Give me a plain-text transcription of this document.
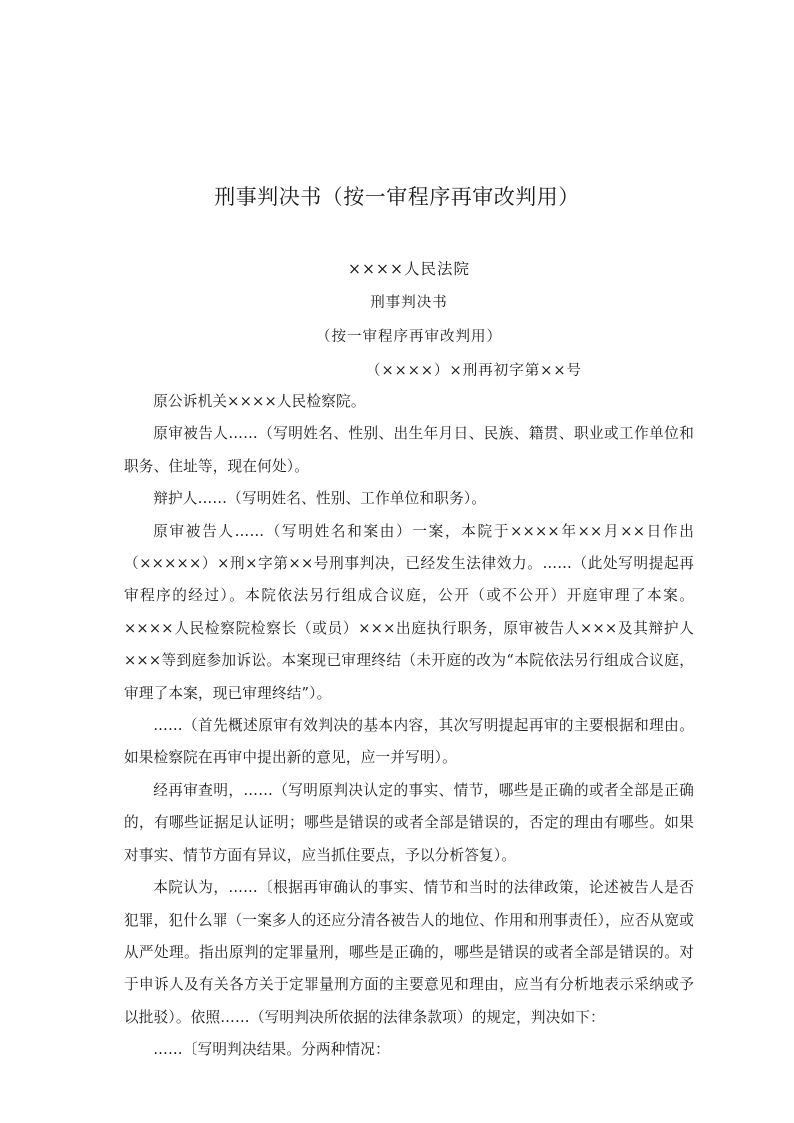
刑事判决书（按一审程序再审改判用）
××××人民法院
刑事判决书
（按一审程序再审改判用）
（××××）×刑再初字第××号

原公诉机关××××人民检察院。

原审被告人……（写明姓名、性别、出生年月日、民族、籍贯、职业或工作单位和职务、住址等，现在何处）。

辩护人……（写明姓名、性别、工作单位和职务）。

原审被告人……（写明姓名和案由）一案，本院于××××年××月××日作出（×××××）×刑×字第××号刑事判决，已经发生法律效力。……（此处写明提起再审程序的经过）。本院依法另行组成合议庭，公开（或不公开）开庭审理了本案。××××人民检察院检察长（或员）×××出庭执行职务，原审被告人×××及其辩护人×××等到庭参加诉讼。本案现已审理终结（未开庭的改为“本院依法另行组成合议庭，审理了本案，现已审理终结”）。

……（首先概述原审有效判决的基本内容，其次写明提起再审的主要根据和理由。如果检察院在再审中提出新的意见，应一并写明）。

经再审查明，……（写明原判决认定的事实、情节，哪些是正确的或者全部是正确的，有哪些证据足认证明；哪些是错误的或者全部是错误的，否定的理由有哪些。如果对事实、情节方面有异议，应当抓住要点，予以分析答复）。

本院认为，……〔根据再审确认的事实、情节和当时的法律政策，论述被告人是否犯罪，犯什么罪（一案多人的还应分清各被告人的地位、作用和刑事责任），应否从宽或从严处理。指出原判的定罪量刑，哪些是正确的，哪些是错误的或者全部是错误的。对于申诉人及有关各方关于定罪量刑方面的主要意见和理由，应当有分析地表示采纳或予以批驳）。依照……（写明判决所依据的法律条款项）的规定，判决如下：

……〔写明判决结果。分两种情况：
